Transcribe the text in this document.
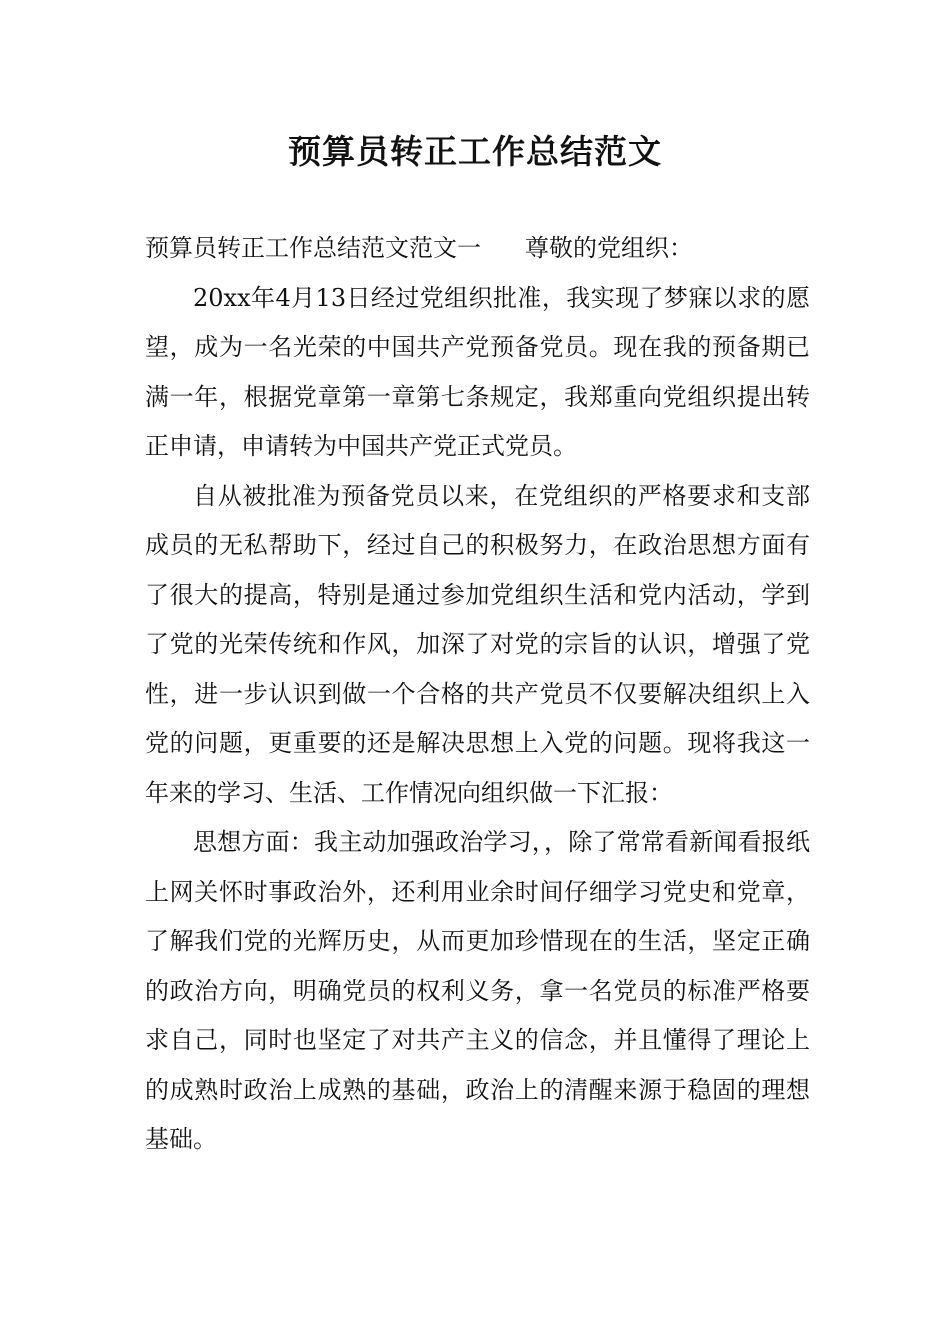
预算员转正工作总结范文

预算员转正工作总结范文范文一 尊敬的党组织：

20xx年4月13日经过党组织批准，我实现了梦寐以求的愿望，成为一名光荣的中国共产党预备党员。现在我的预备期已满一年，根据党章第一章第七条规定，我郑重向党组织提出转正申请，申请转为中国共产党正式党员。

自从被批准为预备党员以来，在党组织的严格要求和支部成员的无私帮助下，经过自己的积极努力，在政治思想方面有了很大的提高，特别是通过参加党组织生活和党内活动，学到了党的光荣传统和作风，加深了对党的宗旨的认识，增强了党性，进一步认识到做一个合格的共产党员不仅要解决组织上入党的问题，更重要的还是解决思想上入党的问题。现将我这一年来的学习、生活、工作情况向组织做一下汇报：

思想方面：我主动加强政治学习，，除了常常看新闻看报纸上网关怀时事政治外，还利用业余时间仔细学习党史和党章，了解我们党的光辉历史，从而更加珍惜现在的生活，坚定正确的政治方向，明确党员的权利义务，拿一名党员的标准严格要求自己，同时也坚定了对共产主义的信念，并且懂得了理论上的成熟时政治上成熟的基础，政治上的清醒来源于稳固的理想基础。
